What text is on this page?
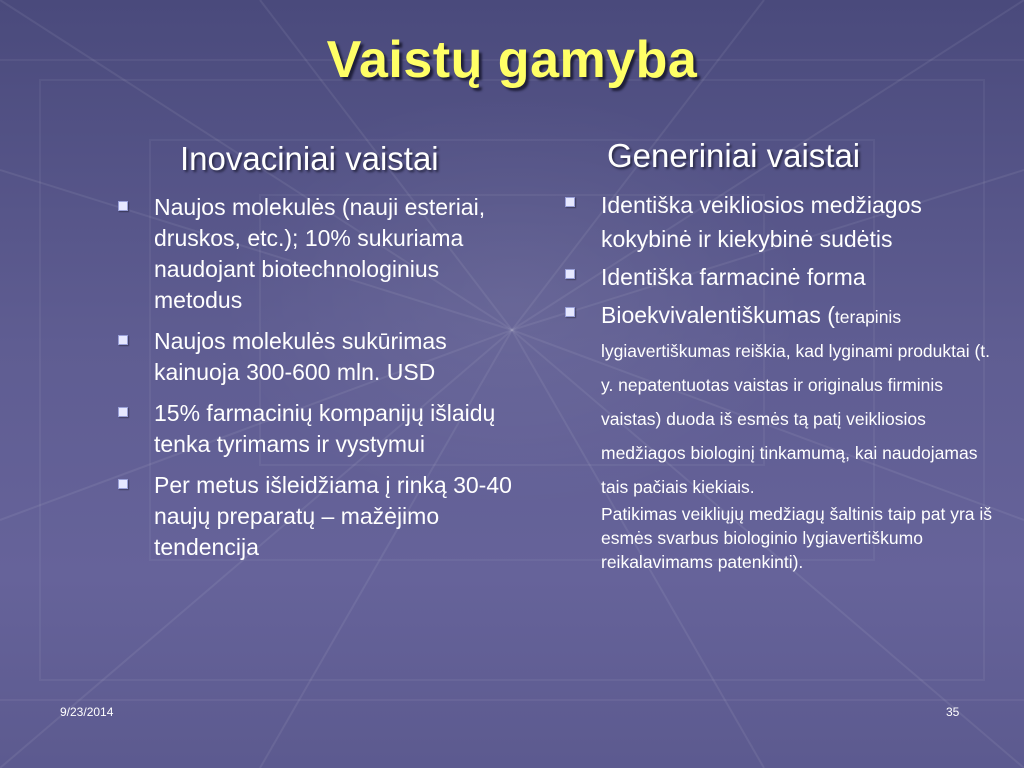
Vaistų gamyba
Inovaciniai vaistai	Generiniai vaistai
Naujos molekulės (nauji esteriai, druskos, etc.); 10% sukuriama naudojant biotechnologinius metodus
Naujos molekulės sukūrimas kainuoja 300-600 mln. USD
15% farmacinių kompanijų išlaidų tenka tyrimams ir vystymui
Per metus išleidžiama į rinką 30-40 naujų preparatų – mažėjimo tendencija
Identiška veikliosios medžiagos kokybinė ir kiekybinė sudėtis
Identiška farmacinė forma
Bioekvivalentiškumas (terapinis lygiavertiškumas reiškia, kad lyginami produktai (t. y. nepatentuotas vaistas ir originalus firminis vaistas) duoda iš esmės tą patį veikliosios medžiagos biologinį tinkamumą, kai naudojamas tais pačiais kiekiais.
Patikimas veikliųjų medžiagų šaltinis taip pat yra iš esmės svarbus biologinio lygiavertiškumo reikalavimams patenkinti).
9/23/2014	35
